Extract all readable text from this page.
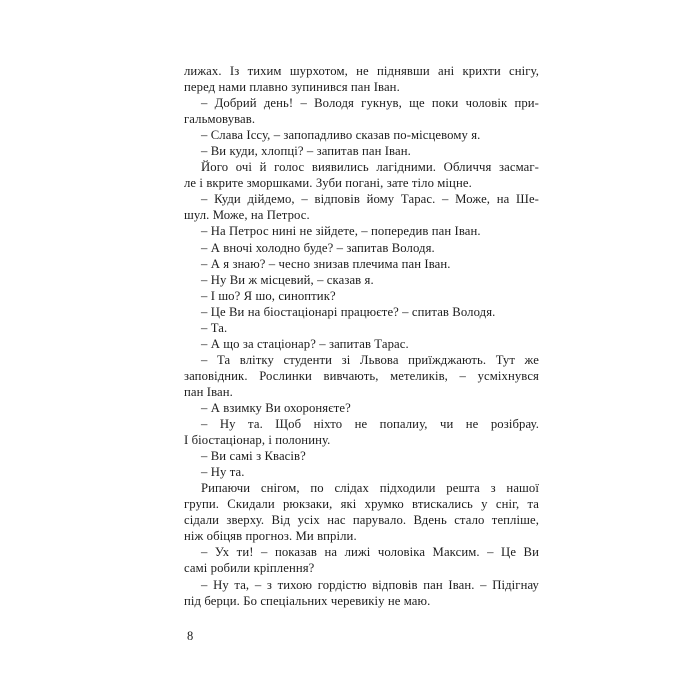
лижах. Із тихим шурхотом, не піднявши ані крихти снігу,
перед нами плавно зупинився пан Іван.
– Добрий день! – Володя гукнув, ще поки чоловік при-
гальмовував.
– Слава Іссу, – запопадливо сказав по-місцевому я.
– Ви куди, хлопці? – запитав пан Іван.
Його очі й голос виявились лагідними. Обличчя засмаг-
ле і вкрите зморшками. Зуби погані, зате тіло міцне.
– Куди дійдемо, – відповів йому Тарас. – Може, на Ше-
шул. Може, на Петрос.
– На Петрос нині не зійдете, – попередив пан Іван.
– А вночі холодно буде? – запитав Володя.
– А я знаю? – чесно знизав плечима пан Іван.
– Ну Ви ж місцевий, – сказав я.
– І шо? Я шо, синоптик?
– Це Ви на біостаціонарі працюєте? – спитав Володя.
– Та.
– А що за стаціонар? – запитав Тарас.
– Та влітку студенти зі Львова приїжджають. Тут же
заповідник. Рослинки вивчають, метеликів, – усміхнувся
пан Іван.
– А взимку Ви охороняєте?
– Ну та. Щоб ніхто не попалиу, чи не розібрау.
І біостаціонар, і полонину.
– Ви самі з Квасів?
– Ну та.
Рипаючи снігом, по слідах підходили решта з нашої
групи. Скидали рюкзаки, які хрумко втискались у сніг, та
сідали зверху. Від усіх нас парувало. Вдень стало тепліше,
ніж обіцяв прогноз. Ми впріли.
– Ух ти! – показав на лижі чоловіка Максим. – Це Ви
самі робили кріплення?
– Ну та, – з тихою гордістю відповів пан Іван. – Підігнау
під берци. Бо спеціальних черевикіу не маю.
8
